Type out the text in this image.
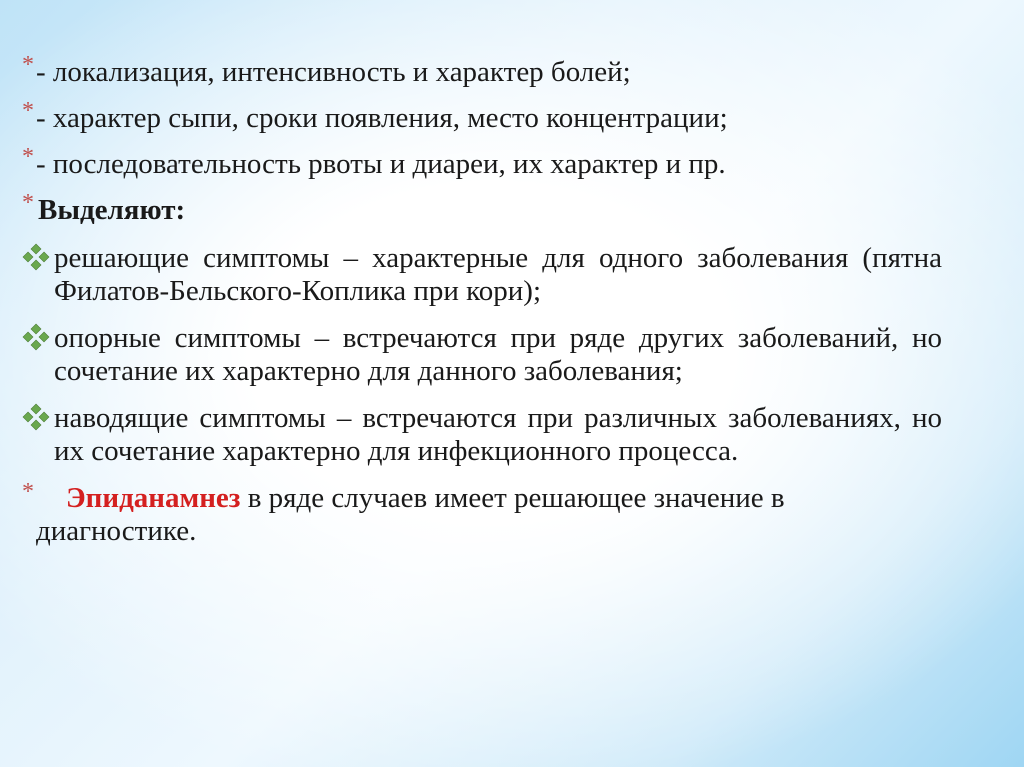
* - локализация, интенсивность и характер болей;
* - характер сыпи, сроки появления, место концентрации;
* - последовательность рвоты и диареи, их характер и пр.
* Выделяют:
решающие симптомы – характерные для одного заболевания (пятна Филатов-Бельского-Коплика при кори);
опорные симптомы – встречаются при ряде других заболеваний, но сочетание их характерно для данного заболевания;
наводящие симптомы – встречаются при различных заболеваниях, но их сочетание характерно для инфекционного процесса.
* Эпиданамнез в ряде случаев имеет решающее значение в
диагностике.
